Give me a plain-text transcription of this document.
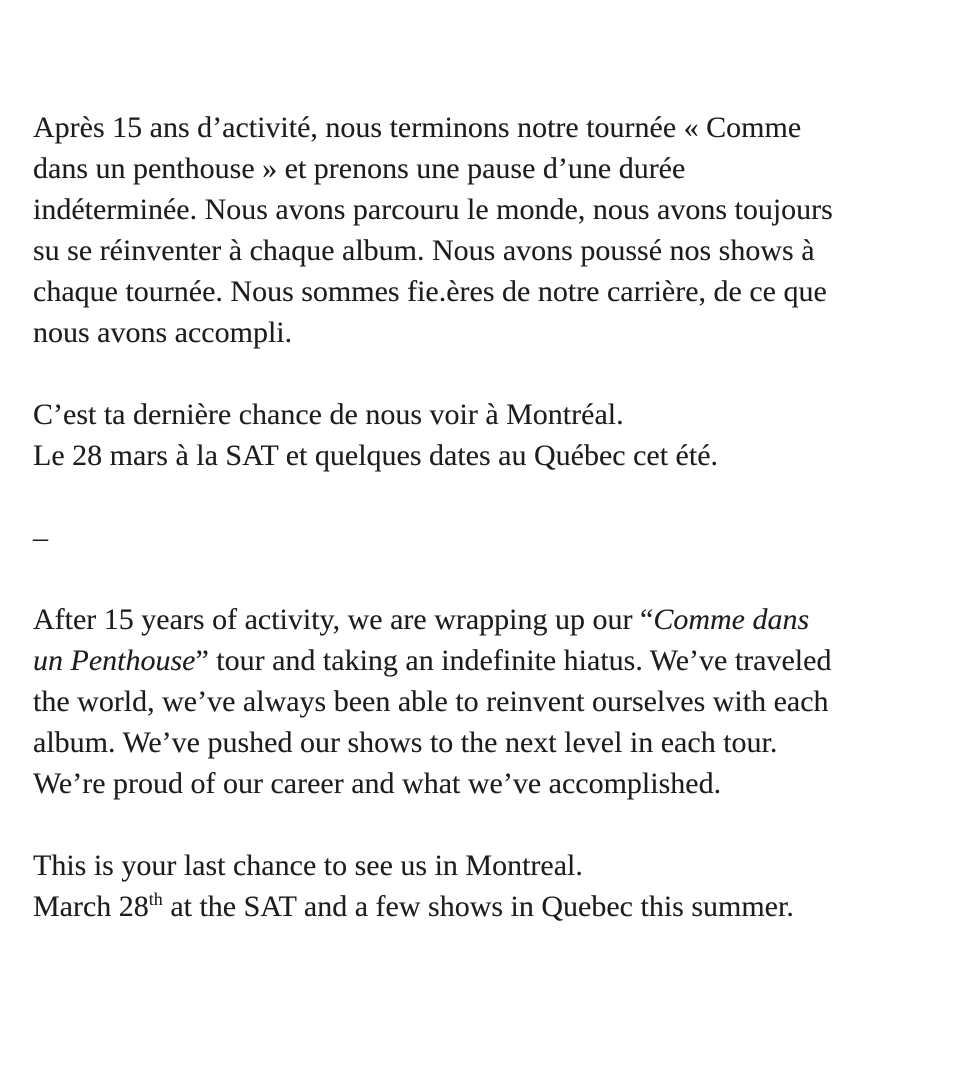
Après 15 ans d’activité, nous terminons notre tournée « Comme
dans un penthouse » et prenons une pause d’une durée
indéterminée. Nous avons parcouru le monde, nous avons toujours
su se réinventer à chaque album. Nous avons poussé nos shows à
chaque tournée. Nous sommes fie.ères de notre carrière, de ce que
nous avons accompli.
C’est ta dernière chance de nous voir à Montréal.
Le 28 mars à la SAT et quelques dates au Québec cet été.
–
After 15 years of activity, we are wrapping up our “Comme dans
un Penthouse” tour and taking an indefinite hiatus. We’ve traveled
the world, we’ve always been able to reinvent ourselves with each
album. We’ve pushed our shows to the next level in each tour.
We’re proud of our career and what we’ve accomplished.
This is your last chance to see us in Montreal.
March 28th at the SAT and a few shows in Quebec this summer.
